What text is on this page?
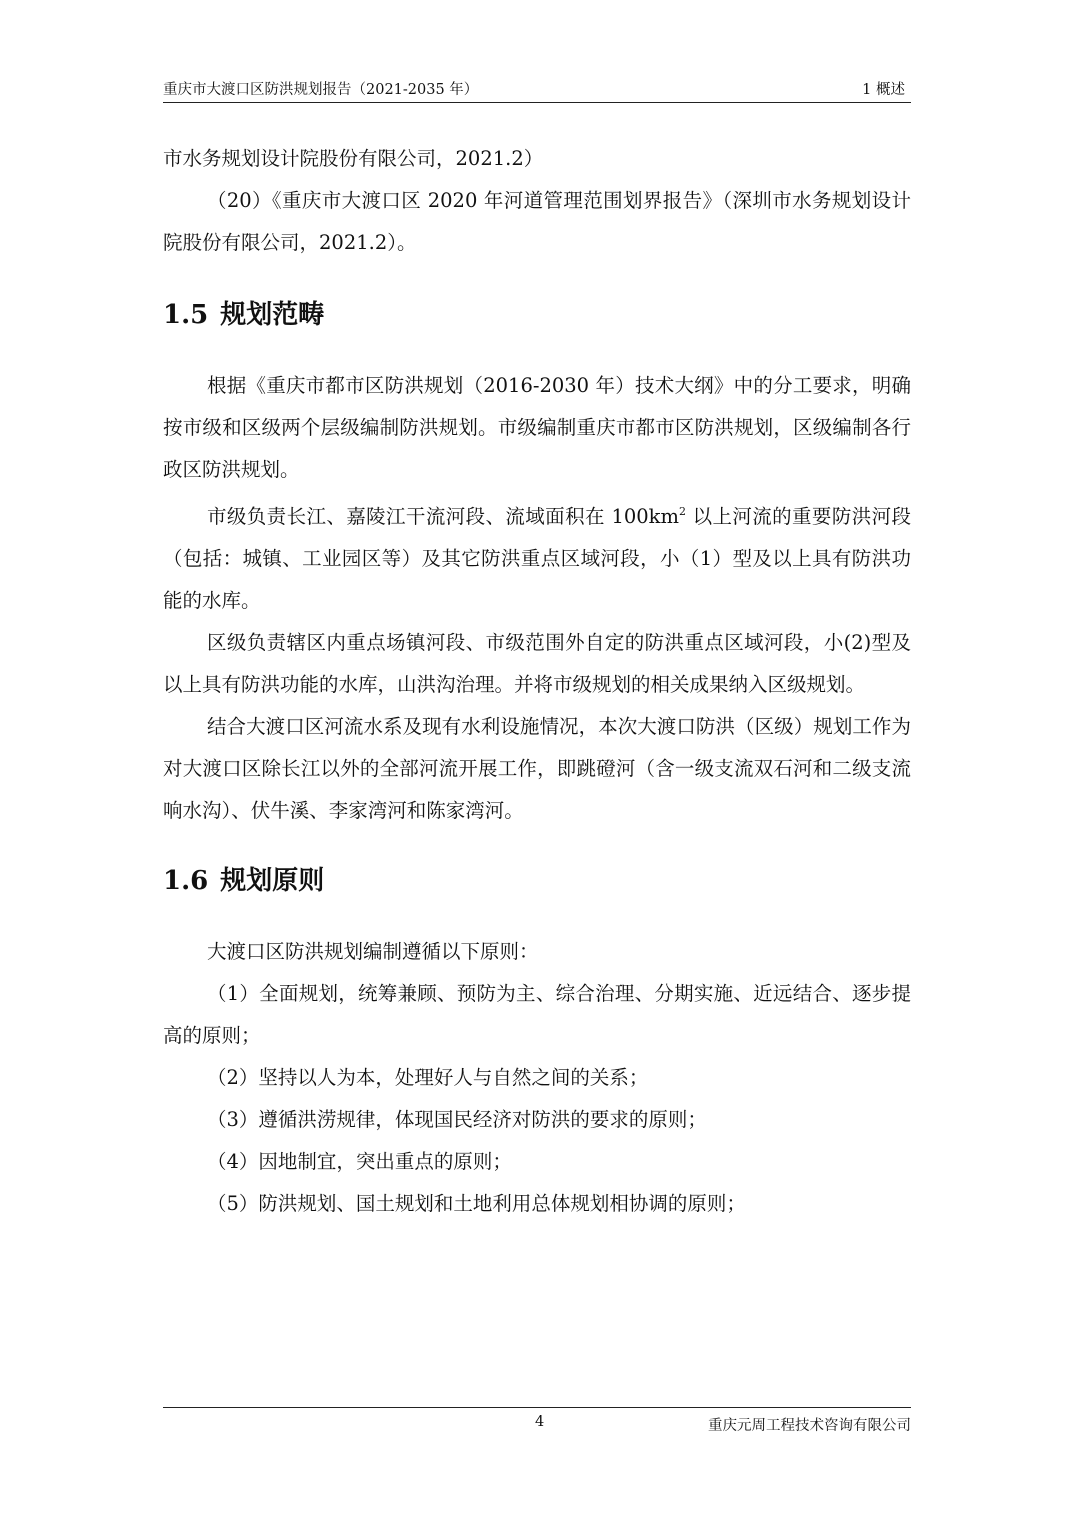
重庆市大渡口区防洪规划报告（2021-2035 年）	1 概述

市水务规划设计院股份有限公司，2021.2）

（20）《重庆市大渡口区 2020 年河道管理范围划界报告》（深圳市水务规划设计院股份有限公司，2021.2）。

1.5 规划范畴

根据《重庆市都市区防洪规划（2016-2030 年）技术大纲》中的分工要求，明确按市级和区级两个层级编制防洪规划。市级编制重庆市都市区防洪规划，区级编制各行政区防洪规划。

市级负责长江、嘉陵江干流河段、流域面积在 $100km^2$ 以上河流的重要防洪河段（包括：城镇、工业园区等）及其它防洪重点区域河段，小（1）型及以上具有防洪功能的水库。

区级负责辖区内重点场镇河段、市级范围外自定的防洪重点区域河段，小(2)型及以上具有防洪功能的水库，山洪沟治理。并将市级规划的相关成果纳入区级规划。

结合大渡口区河流水系及现有水利设施情况，本次大渡口防洪（区级）规划工作为对大渡口区除长江以外的全部河流开展工作，即跳磴河（含一级支流双石河和二级支流响水沟）、伏牛溪、李家湾河和陈家湾河。

1.6 规划原则

大渡口区防洪规划编制遵循以下原则：

（1）全面规划，统筹兼顾、预防为主、综合治理、分期实施、近远结合、逐步提高的原则；

（2）坚持以人为本，处理好人与自然之间的关系；

（3）遵循洪涝规律，体现国民经济对防洪的要求的原则；

（4）因地制宜，突出重点的原则；

（5）防洪规划、国土规划和土地利用总体规划相协调的原则；

4	重庆元周工程技术咨询有限公司
